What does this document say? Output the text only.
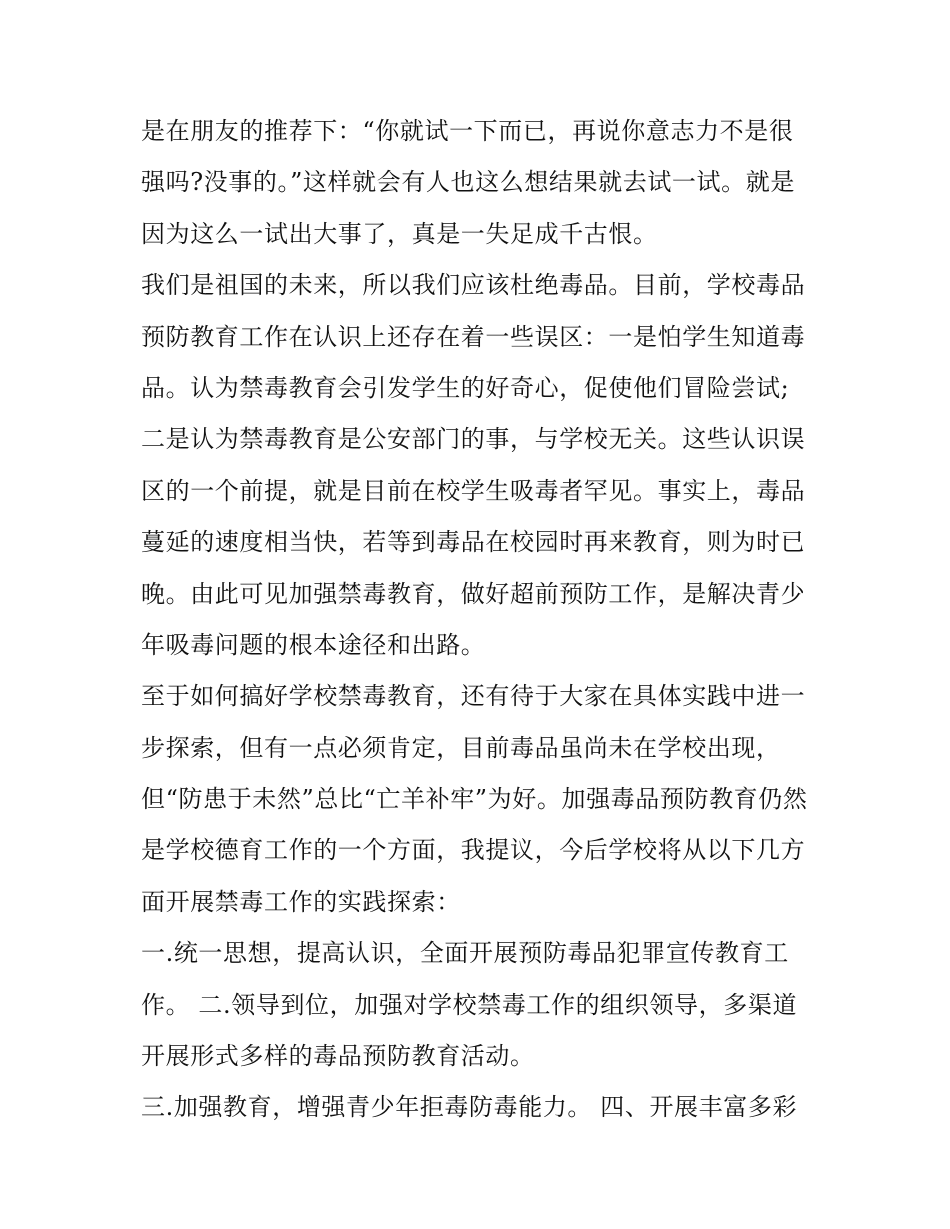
是在朋友的推荐下：“你就试一下而已，再说你意志力不是很
强吗?没事的。”这样就会有人也这么想结果就去试一试。就是
因为这么一试出大事了，真是一失足成千古恨。
我们是祖国的未来，所以我们应该杜绝毒品。目前，学校毒品
预防教育工作在认识上还存在着一些误区：一是怕学生知道毒
品。认为禁毒教育会引发学生的好奇心，促使他们冒险尝试;
二是认为禁毒教育是公安部门的事，与学校无关。这些认识误
区的一个前提，就是目前在校学生吸毒者罕见。事实上，毒品
蔓延的速度相当快，若等到毒品在校园时再来教育，则为时已
晚。由此可见加强禁毒教育，做好超前预防工作，是解决青少
年吸毒问题的根本途径和出路。
至于如何搞好学校禁毒教育，还有待于大家在具体实践中进一
步探索，但有一点必须肯定，目前毒品虽尚未在学校出现，
但“防患于未然”总比“亡羊补牢”为好。加强毒品预防教育仍然
是学校德育工作的一个方面，我提议，今后学校将从以下几方
面开展禁毒工作的实践探索：
一.统一思想，提高认识，全面开展预防毒品犯罪宣传教育工
作。 二.领导到位，加强对学校禁毒工作的组织领导，多渠道
开展形式多样的毒品预防教育活动。
三.加强教育，增强青少年拒毒防毒能力。 四、开展丰富多彩
